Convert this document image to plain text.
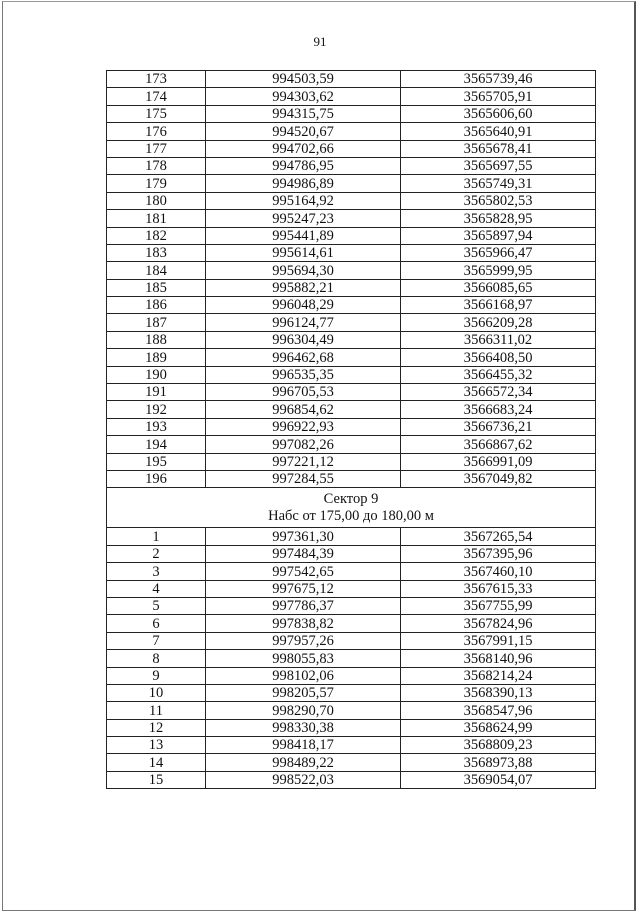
91
173	994503,59	3565739,46
174	994303,62	3565705,91
175	994315,75	3565606,60
176	994520,67	3565640,91
177	994702,66	3565678,41
178	994786,95	3565697,55
179	994986,89	3565749,31
180	995164,92	3565802,53
181	995247,23	3565828,95
182	995441,89	3565897,94
183	995614,61	3565966,47
184	995694,30	3565999,95
185	995882,21	3566085,65
186	996048,29	3566168,97
187	996124,77	3566209,28
188	996304,49	3566311,02
189	996462,68	3566408,50
190	996535,35	3566455,32
191	996705,53	3566572,34
192	996854,62	3566683,24
193	996922,93	3566736,21
194	997082,26	3566867,62
195	997221,12	3566991,09
196	997284,55	3567049,82

Сектор 9
Набс от 175,00 до 180,00 м		

1	997361,30	3567265,54
2	997484,39	3567395,96
3	997542,65	3567460,10
4	997675,12	3567615,33
5	997786,37	3567755,99
6	997838,82	3567824,96
7	997957,26	3567991,15
8	998055,83	3568140,96
9	998102,06	3568214,24
10	998205,57	3568390,13
11	998290,70	3568547,96
12	998330,38	3568624,99
13	998418,17	3568809,23
14	998489,22	3568973,88
15	998522,03	3569054,07
